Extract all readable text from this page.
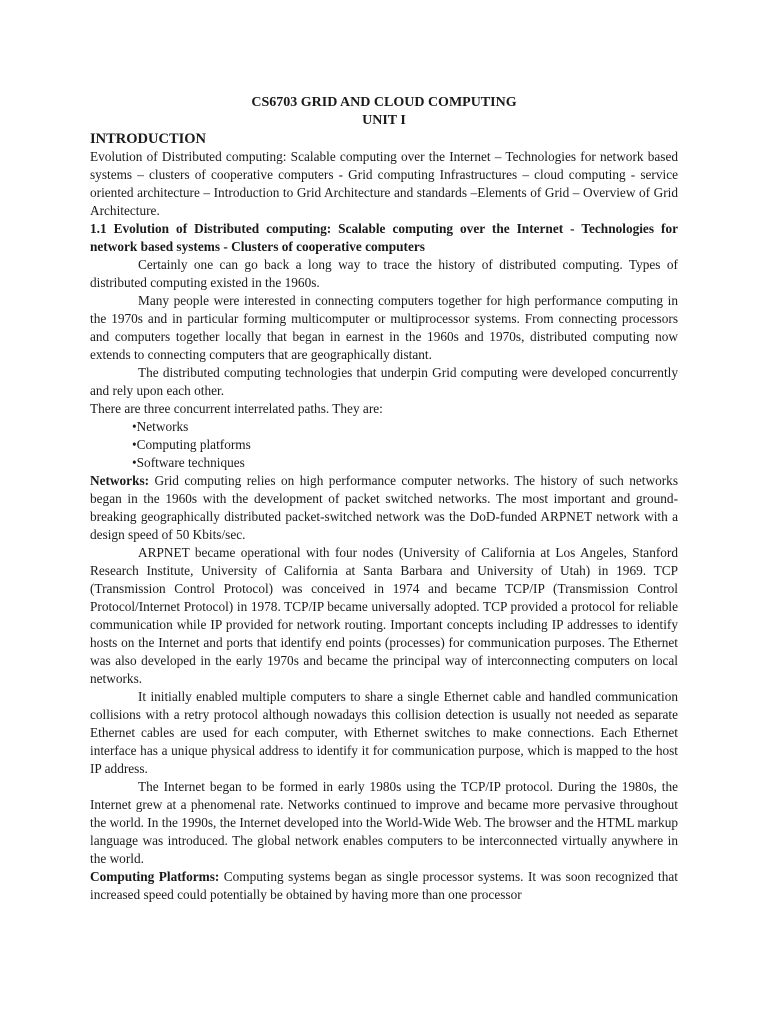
CS6703 GRID AND CLOUD COMPUTING

UNIT I

INTRODUCTION

Evolution of Distributed computing: Scalable computing over the Internet – Technologies for network based systems – clusters of cooperative computers - Grid computing Infrastructures – cloud computing - service oriented architecture – Introduction to Grid Architecture and standards –Elements of Grid – Overview of Grid Architecture.

1.1 Evolution of Distributed computing: Scalable computing over the Internet - Technologies for network based systems - Clusters of cooperative computers

Certainly one can go back a long way to trace the history of distributed computing. Types of distributed computing existed in the 1960s.

Many people were interested in connecting computers together for high performance computing in the 1970s and in particular forming multicomputer or multiprocessor systems. From connecting processors and computers together locally that began in earnest in the 1960s and 1970s, distributed computing now extends to connecting computers that are geographically distant.

The distributed computing technologies that underpin Grid computing were developed concurrently and rely upon each other.

There are three concurrent interrelated paths. They are:

• Networks
• Computing platforms
• Software techniques

Networks: Grid computing relies on high performance computer networks. The history of such networks began in the 1960s with the development of packet switched networks. The most important and ground-breaking geographically distributed packet-switched network was the DoD-funded ARPNET network with a design speed of 50 Kbits/sec.

ARPNET became operational with four nodes (University of California at Los Angeles, Stanford Research Institute, University of California at Santa Barbara and University of Utah) in 1969. TCP (Transmission Control Protocol) was conceived in 1974 and became TCP/IP (Transmission Control Protocol/Internet Protocol) in 1978. TCP/IP became universally adopted. TCP provided a protocol for reliable communication while IP provided for network routing. Important concepts including IP addresses to identify hosts on the Internet and ports that identify end points (processes) for communication purposes. The Ethernet was also developed in the early 1970s and became the principal way of interconnecting computers on local networks.

It initially enabled multiple computers to share a single Ethernet cable and handled communication collisions with a retry protocol although nowadays this collision detection is usually not needed as separate Ethernet cables are used for each computer, with Ethernet switches to make connections. Each Ethernet interface has a unique physical address to identify it for communication purpose, which is mapped to the host IP address.

The Internet began to be formed in early 1980s using the TCP/IP protocol. During the 1980s, the Internet grew at a phenomenal rate. Networks continued to improve and became more pervasive throughout the world. In the 1990s, the Internet developed into the World-Wide Web. The browser and the HTML markup language was introduced. The global network enables computers to be interconnected virtually anywhere in the world.

Computing Platforms: Computing systems began as single processor systems. It was soon recognized that increased speed could potentially be obtained by having more than one processor
